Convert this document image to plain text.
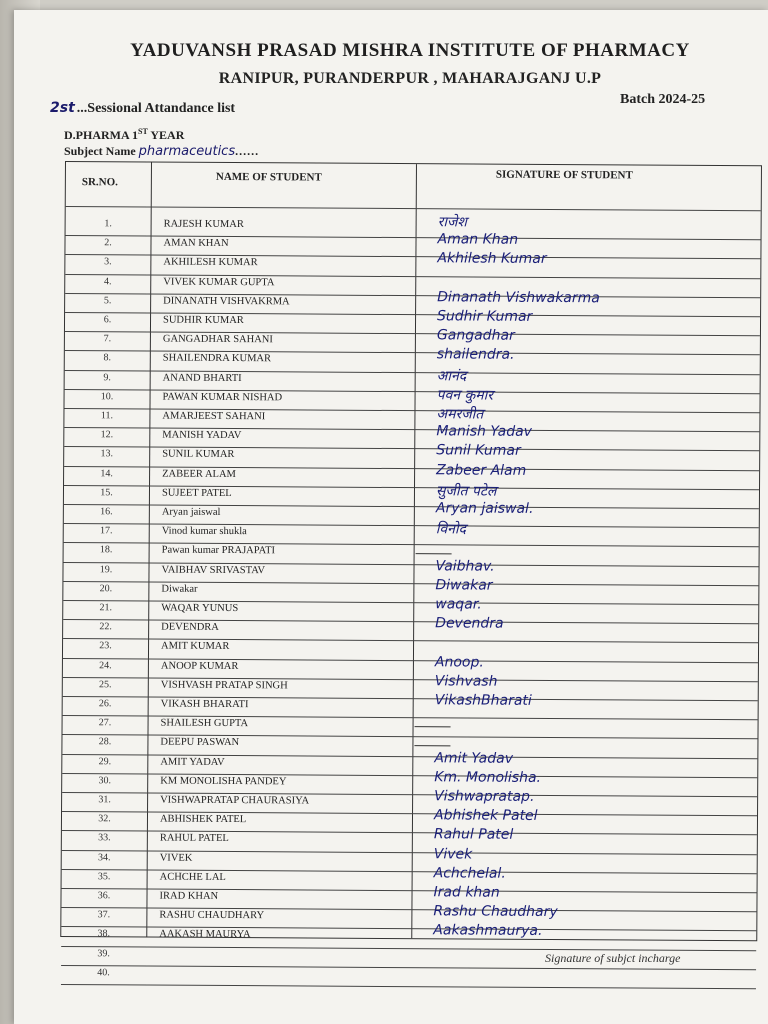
YADUVANSH PRASAD MISHRA INSTITUTE OF PHARMACY
RANIPUR, PURANDERPUR , MAHARAJGANJ U.P
2st ...Sessional Attandance list
Batch 2024-25
D.PHARMA 1ST YEAR
Subject Name pharmaceutics......
SR.NO.	NAME OF STUDENT	SIGNATURE OF STUDENT
1.	RAJESH KUMAR	राजेश
2.	AMAN KHAN	Aman Khan
3.	AKHILESH KUMAR	Akhilesh Kumar
4.	VIVEK KUMAR GUPTA
5.	DINANATH VISHVAKRMA	Dinanath Vishwakarma
6.	SUDHIR KUMAR	Sudhir Kumar
7.	GANGADHAR SAHANI	Gangadhar
8.	SHAILENDRA KUMAR	shailendra.
9.	ANAND BHARTI	आनंद
10.	PAWAN KUMAR NISHAD	पवन कुमार
11.	AMARJEEST SAHANI	अमरजीत
12.	MANISH YADAV	Manish Yadav
13.	SUNIL KUMAR	Sunil Kumar
14.	ZABEER ALAM	Zabeer Alam
15.	SUJEET PATEL	सुजीत पटेल
16.	Aryan jaiswal	Aryan jaiswal.
17.	Vinod kumar shukla	विनोद
18.	Pawan kumar PRAJAPATI
19.	VAIBHAV SRIVASTAV	Vaibhav.
20.	Diwakar	Diwakar
21.	WAQAR YUNUS	waqar.
22.	DEVENDRA	Devendra
23.	AMIT KUMAR
24.	ANOOP KUMAR	Anoop.
25.	VISHVASH PRATAP SINGH	Vishvash
26.	VIKASH BHARATI	VikashBharati
27.	SHAILESH GUPTA
28.	DEEPU PASWAN
29.	AMIT YADAV	Amit Yadav
30.	KM MONOLISHA PANDEY	Km. Monolisha.
31.	VISHWAPRATAP CHAURASIYA	Vishwapratap.
32.	ABHISHEK PATEL	Abhishek Patel
33.	RAHUL PATEL	Rahul Patel
34.	VIVEK	Vivek
35.	ACHCHE LAL	Achchelal.
36.	IRAD KHAN	Irad khan
37.	RASHU CHAUDHARY	Rashu Chaudhary
38.	AAKASH MAURYA	Aakashmaurya.
39.
40.
Signature of subjct incharge
